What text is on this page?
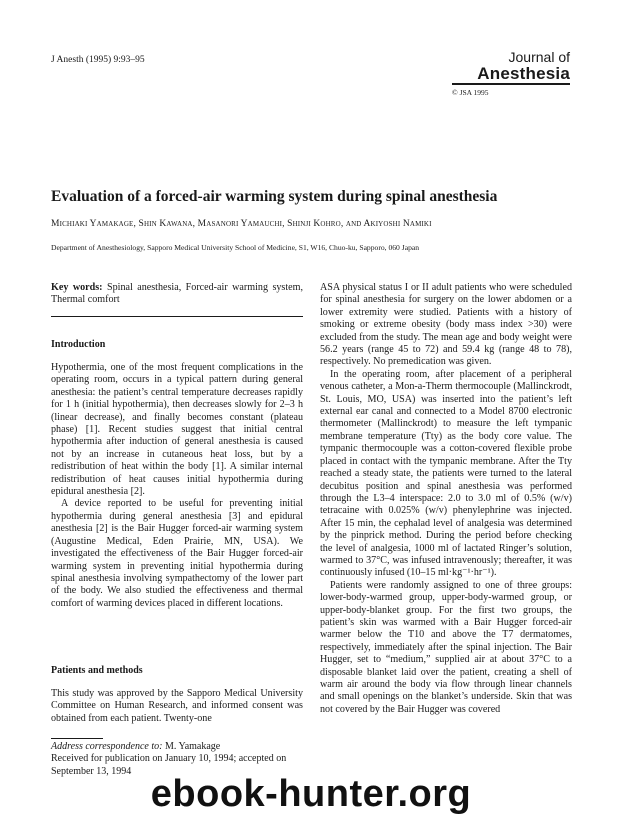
J Anesth (1995) 9:93–95	Journal of
Anesthesia
© JSA 1995
Evaluation of a forced-air warming system during spinal anesthesia
Michiaki Yamakage, Shin Kawana, Masanori Yamauchi, Shinji Kohro, and Akiyoshi Namiki
Department of Anesthesiology, Sapporo Medical University School of Medicine, S1, W16, Chuo-ku, Sapporo, 060 Japan
Key words: Spinal anesthesia, Forced-air warming system, Thermal comfort
Introduction

Hypothermia, one of the most frequent complications in the operating room, occurs in a typical pattern during general anesthesia: the patient’s central temperature decreases rapidly for 1 h (initial hypothermia), then decreases slowly for 2–3 h (linear decrease), and finally becomes constant (plateau phase) [1]. Recent studies suggest that initial central hypothermia after induction of general anesthesia is caused not by an increase in cutaneous heat loss, but by a redistribution of heat within the body [1]. A similar internal redistribution of heat causes initial hypothermia during epidural anesthesia [2].

A device reported to be useful for preventing initial hypothermia during general anesthesia [3] and epidural anesthesia [2] is the Bair Hugger forced-air warming system (Augustine Medical, Eden Prairie, MN, USA). We investigated the effectiveness of the Bair Hugger forced-air warming system in preventing initial hypothermia during spinal anesthesia involving sympathectomy of the lower part of the body. We also studied the effectiveness and thermal comfort of warming devices placed in different locations.

Patients and methods

This study was approved by the Sapporo Medical University Committee on Human Research, and informed consent was obtained from each patient. Twenty-one

Address correspondence to: M. Yamakage
Received for publication on January 10, 1994; accepted on September 13, 1994

ASA physical status I or II adult patients who were scheduled for spinal anesthesia for surgery on the lower abdomen or a lower extremity were studied. Patients with a history of smoking or extreme obesity (body mass index >30) were excluded from the study. The mean age and body weight were 56.2 years (range 45 to 72) and 59.4 kg (range 48 to 78), respectively. No premedication was given.

In the operating room, after placement of a peripheral venous catheter, a Mon-a-Therm thermocouple (Mallinckrodt, St. Louis, MO, USA) was inserted into the patient’s left external ear canal and connected to a Model 8700 electronic thermometer (Mallinckrodt) to measure the left tympanic membrane temperature (Tty) as the body core value. The tympanic thermocouple was a cotton-covered flexible probe placed in contact with the tympanic membrane. After the Tty reached a steady state, the patients were turned to the lateral decubitus position and spinal anesthesia was performed through the L3–4 interspace: 2.0 to 3.0 ml of 0.5% (w/v) tetracaine with 0.025% (w/v) phenylephrine was injected. After 15 min, the cephalad level of analgesia was determined by the pinprick method. During the period before checking the level of analgesia, 1000 ml of lactated Ringer’s solution, warmed to 37°C, was infused intravenously; thereafter, it was continuously infused (10–15 ml·kg⁻¹·hr⁻¹).

Patients were randomly assigned to one of three groups: lower-body-warmed group, upper-body-warmed group, or upper-body-blanket group. For the first two groups, the patient’s skin was warmed with a Bair Hugger forced-air warmer below the T10 and above the T7 dermatomes, respectively, immediately after the spinal injection. The Bair Hugger, set to “medium,” supplied air at about 37°C to a disposable blanket laid over the patient, creating a shell of warm air around the body via flow through linear channels and small openings on the blanket’s underside. Skin that was not covered by the Bair Hugger was covered

ebook-hunter.org
